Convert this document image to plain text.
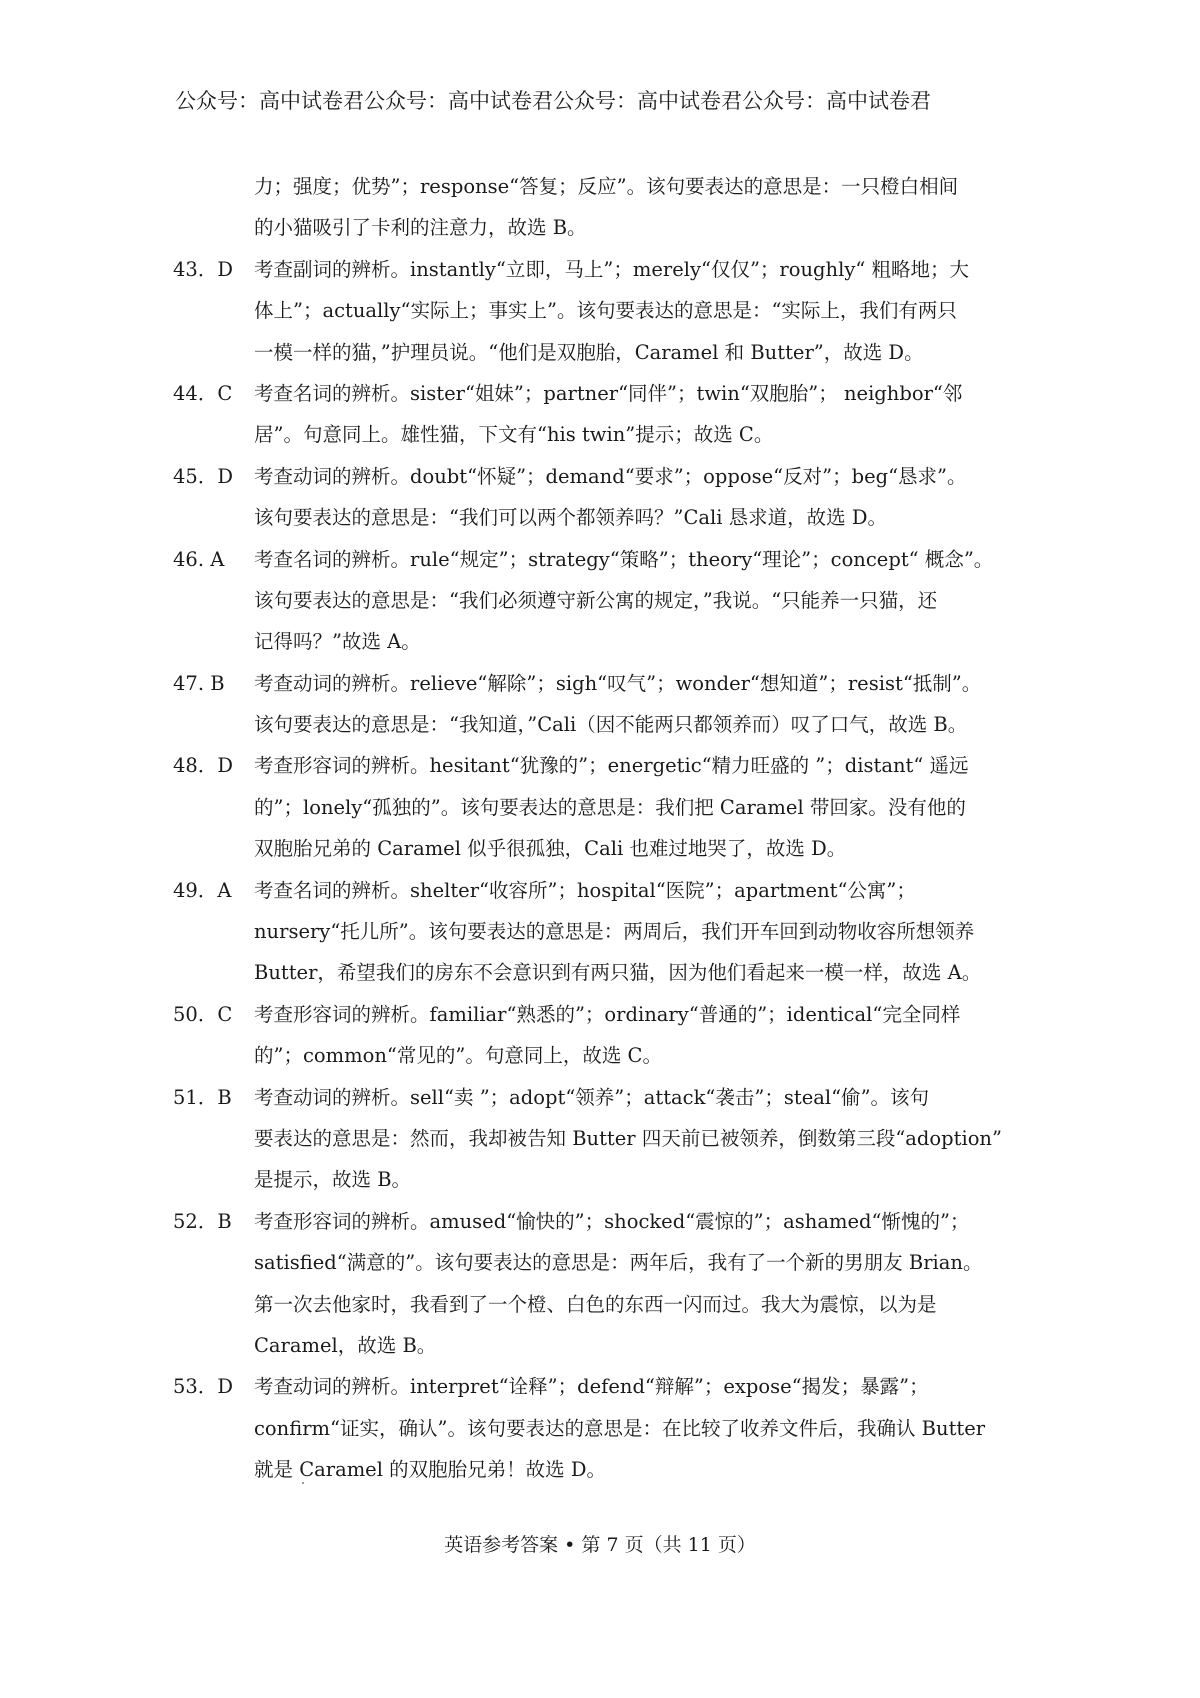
公众号：高中试卷君公众号：高中试卷君公众号：高中试卷君公众号：高中试卷君
力；强度；优势”；response“答复；反应”。该句要表达的意思是：一只橙白相间
的小猫吸引了卡利的注意力，故选 B。
43．D	考查副词的辨析。instantly“立即，马上”；merely“仅仅”；roughly“ 粗略地；大
体上”；actually“实际上；事实上”。该句要表达的意思是：“实际上，我们有两只
一模一样的猫，”护理员说。“他们是双胞胎，Caramel 和 Butter”，故选 D。
44．C	考查名词的辨析。sister“姐妹”；partner“同伴”；twin“双胞胎”； neighbor“邻
居”。句意同上。雄性猫，下文有“his twin”提示；故选 C。
45．D	考查动词的辨析。doubt“怀疑”；demand“要求”；oppose“反对”；beg“恳求”。
该句要表达的意思是：“我们可以两个都领养吗？”Cali 恳求道，故选 D。
46. A	考查名词的辨析。rule“规定”；strategy“策略”；theory“理论”；concept“ 概念”。
该句要表达的意思是：“我们必须遵守新公寓的规定，”我说。“只能养一只猫，还
记得吗？”故选 A。
47. B	考查动词的辨析。relieve“解除”；sigh“叹气”；wonder“想知道”；resist“抵制”。
该句要表达的意思是：“我知道，”Cali（因不能两只都领养而）叹了口气，故选 B。
48．D	考查形容词的辨析。hesitant“犹豫的”；energetic“精力旺盛的 ”；distant“ 遥远
的”；lonely“孤独的”。该句要表达的意思是：我们把 Caramel 带回家。没有他的
双胞胎兄弟的 Caramel 似乎很孤独，Cali 也难过地哭了，故选 D。
49．A	考查名词的辨析。shelter“收容所”；hospital“医院”；apartment“公寓”；
nursery“托儿所”。该句要表达的意思是：两周后，我们开车回到动物收容所想领养
Butter，希望我们的房东不会意识到有两只猫，因为他们看起来一模一样，故选 A。
50．C	考查形容词的辨析。familiar“熟悉的”；ordinary“普通的”；identical“完全同样
的”；common“常见的”。句意同上，故选 C。
51．B	考查动词的辨析。sell“卖 ”；adopt“领养”；attack“袭击”；steal“偷”。该句
要表达的意思是：然而，我却被告知 Butter 四天前已被领养，倒数第三段“adoption”
是提示，故选 B。
52．B	考查形容词的辨析。amused“愉快的”；shocked“震惊的”；ashamed“惭愧的”；
satisfied“满意的”。该句要表达的意思是：两年后，我有了一个新的男朋友 Brian。
第一次去他家时，我看到了一个橙、白色的东西一闪而过。我大为震惊，以为是
Caramel，故选 B。
53．D	考查动词的辨析。interpret“诠释”；defend“辩解”；expose“揭发；暴露”；
confirm“证实，确认”。该句要表达的意思是：在比较了收养文件后，我确认 Butter
就是 Caramel 的双胞胎兄弟！故选 D。
英语参考答案 • 第 7 页（共 11 页）
